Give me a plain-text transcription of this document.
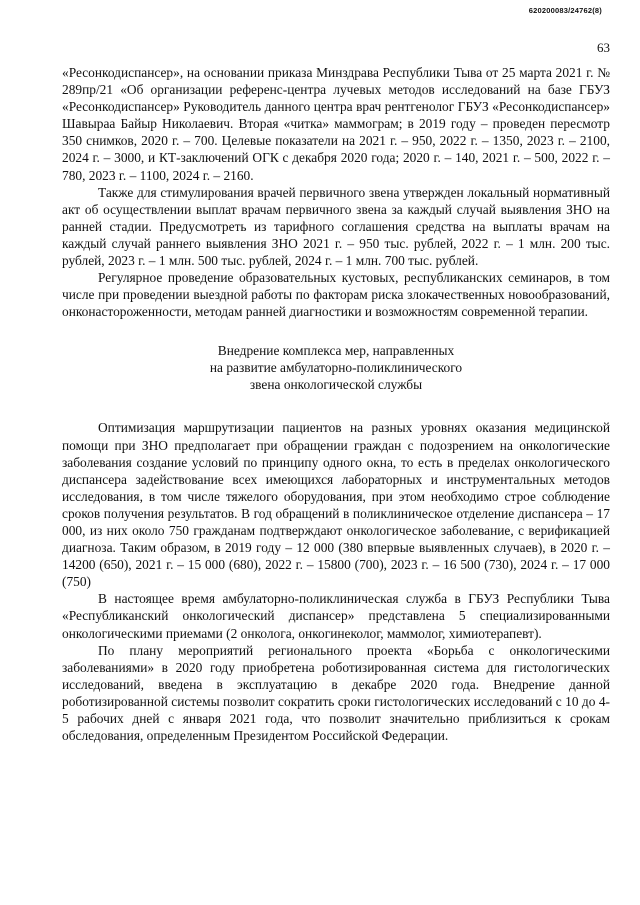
620200083/24762(8)
63

«Ресонкодиспансер», на основании приказа Минздрава Республики Тыва от 25 марта 2021 г. № 289пр/21 «Об организации референс-центра лучевых методов исследований на базе ГБУЗ «Ресонкодиспансер» Руководитель данного центра врач рентгенолог ГБУЗ «Ресонкодиспансер» Шавыраа Байыр Николаевич. Вторая «читка» маммограм; в 2019 году – проведен пересмотр 350 снимков, 2020 г. – 700. Целевые показатели на 2021 г. – 950, 2022 г. – 1350, 2023 г. – 2100, 2024 г. – 3000, и КТ-заключений ОГК с декабря 2020 года; 2020 г. – 140, 2021 г. – 500, 2022 г. – 780, 2023 г. – 1100, 2024 г. – 2160.

Также для стимулирования врачей первичного звена утвержден локальный нормативный акт об осуществлении выплат врачам первичного звена за каждый случай выявления ЗНО на ранней стадии. Предусмотреть из тарифного соглашения средства на выплаты врачам на каждый случай раннего выявления ЗНО 2021 г. – 950 тыс. рублей, 2022 г. – 1 млн. 200 тыс. рублей, 2023 г. – 1 млн. 500 тыс. рублей, 2024 г. – 1 млн. 700 тыс. рублей.

Регулярное проведение образовательных кустовых, республиканских семинаров, в том числе при проведении выездной работы по факторам риска злокачественных новообразований, онконастороженности, методам ранней диагностики и возможностям современной терапии.

Внедрение комплекса мер, направленных
на развитие амбулаторно-поликлинического
звена онкологической службы

Оптимизация маршрутизации пациентов на разных уровнях оказания медицинской помощи при ЗНО предполагает при обращении граждан с подозрением на онкологические заболевания создание условий по принципу одного окна, то есть в пределах онкологического диспансера задействование всех имеющихся лабораторных и инструментальных методов исследования, в том числе тяжелого оборудования, при этом необходимо строе соблюдение сроков получения результатов. В год обращений в поликлиническое отделение диспансера – 17 000, из них около 750 гражданам подтверждают онкологическое заболевание, с верификацией диагноза. Таким образом, в 2019 году – 12 000 (380 впервые выявленных случаев), в 2020 г. – 14200 (650), 2021 г. – 15 000 (680), 2022 г. – 15800 (700), 2023 г. – 16 500 (730), 2024 г. – 17 000 (750)

В настоящее время амбулаторно-поликлиническая служба в ГБУЗ Республики Тыва «Республиканский онкологический диспансер» представлена 5 специализированными онкологическими приемами (2 онколога, онкогинеколог, маммолог, химиотерапевт).

По плану мероприятий регионального проекта «Борьба с онкологическими заболеваниями» в 2020 году приобретена роботизированная система для гистологических исследований, введена в эксплуатацию в декабре 2020 года. Внедрение данной роботизированной системы позволит сократить сроки гистологических исследований с 10 до 4-5 рабочих дней с января 2021 года, что позволит значительно приблизиться к срокам обследования, определенным Президентом Российской Федерации.
